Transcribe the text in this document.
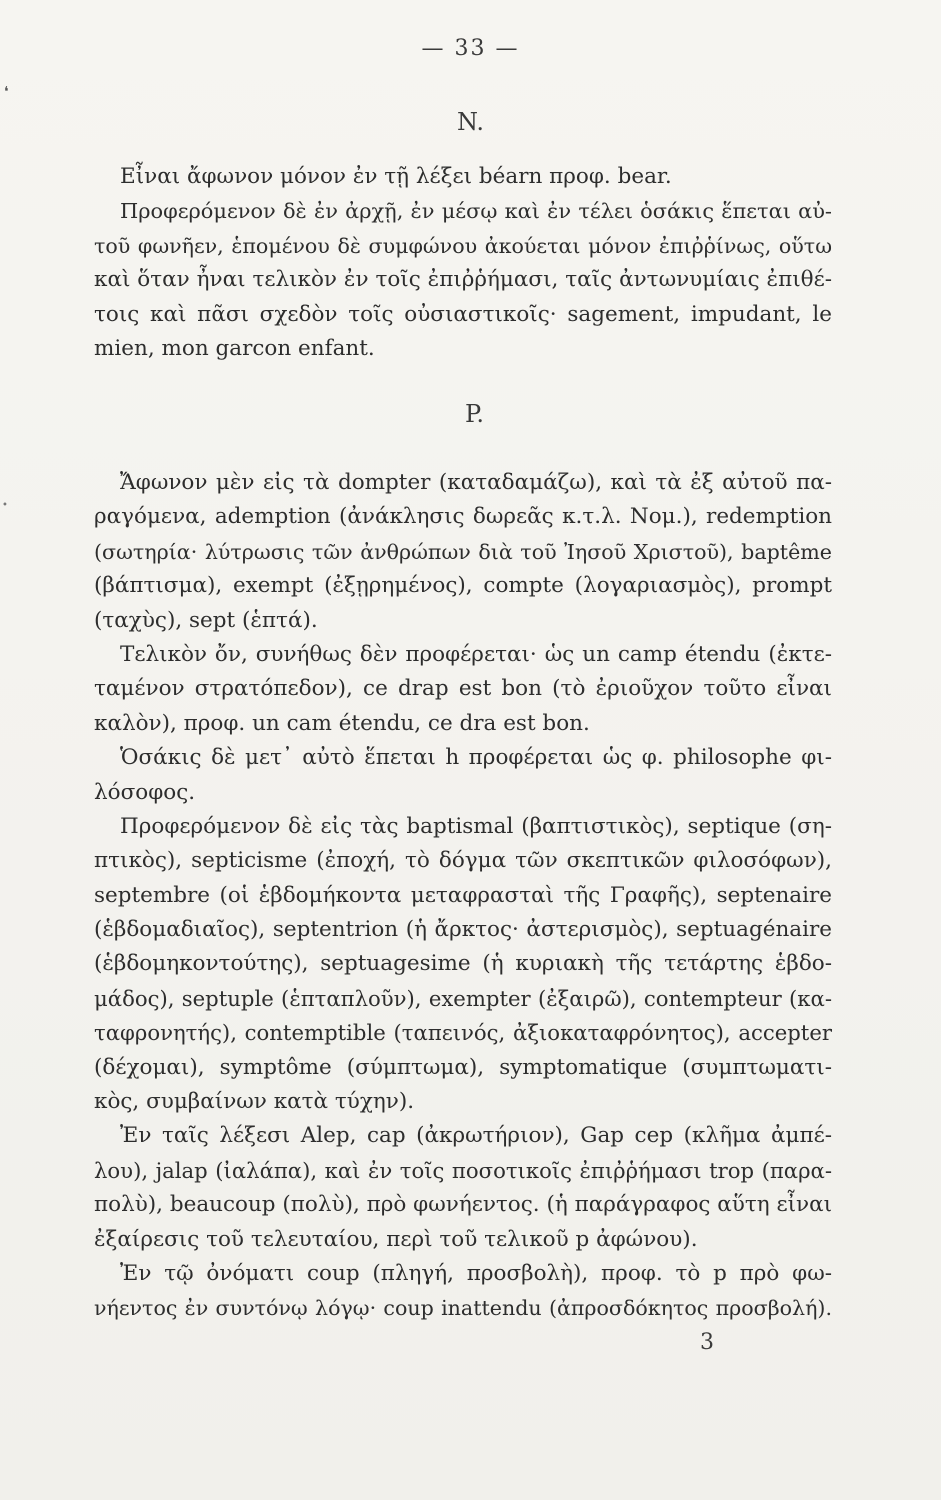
❛
•
— 33 —
N.
Εἶναι ἄφωνον μόνον ἐν τῇ λέξει béarn προφ. bear.
Προφερόμενον δὲ ἐν ἀρχῇ, ἐν μέσῳ καὶ ἐν τέλει ὁσάκις ἕπεται αὐ-
τοῦ φωνῆεν, ἑπομένου δὲ συμφώνου ἀκούεται μόνον ἐπιῤῥίνως, οὕτω
καὶ ὅταν ἦναι τελικὸν ἐν τοῖς ἐπιῤῥήμασι, ταῖς ἀντωνυμίαις ἐπιθέ-
τοις καὶ πᾶσι σχεδὸν τοῖς οὐσιαστικοῖς· sagement, impudant, le
mien, mon garcon enfant.
P.
Ἄφωνον μὲν εἰς τὰ dompter (καταδαμάζω), καὶ τὰ ἐξ αὐτοῦ πα-
ραγόμενα, ademption (ἀνάκλησις δωρεᾶς κ.τ.λ. Νομ.), redemption
(σωτηρία· λύτρωσις τῶν ἀνθρώπων διὰ τοῦ Ἰησοῦ Χριστοῦ), baptême
(βάπτισμα), exempt (ἐξῃρημένος), compte (λογαριασμὸς), prompt
(ταχὺς), sept (ἑπτά).
Τελικὸν ὄν, συνήθως δὲν προφέρεται· ὡς un camp étendu (ἐκτε-
ταμένον στρατόπεδον), ce drap est bon (τὸ ἐριοῦχον τοῦτο εἶναι
καλὸν), προφ. un cam étendu, ce dra est bon.
Ὁσάκις δὲ μετ᾽ αὐτὸ ἕπεται h προφέρεται ὡς φ. philosophe φι-
λόσοφος.
Προφερόμενον δὲ εἰς τὰς baptismal (βαπτιστικὸς), septique (ση-
πτικὸς), septicisme (ἐποχή, τὸ δόγμα τῶν σκεπτικῶν φιλοσόφων),
septembre (οἱ ἑβδομήκοντα μεταφρασταὶ τῆς Γραφῆς), septenaire
(ἑβδομαδιαῖος), septentrion (ἡ ἄρκτος· ἀστερισμὸς), septuagénaire
(ἑβδομηκοντούτης), septuagesime (ἡ κυριακὴ τῆς τετάρτης ἑβδο-
μάδος), septuple (ἑπταπλοῦν), exempter (ἐξαιρῶ), contempteur (κα-
ταφρονητής), contemptible (ταπεινός, ἀξιοκαταφρόνητος), accepter
(δέχομαι), symptôme (σύμπτωμα), symptomatique (συμπτωματι-
κὸς, συμβαίνων κατὰ τύχην).
Ἐν ταῖς λέξεσι Alep, cap (ἀκρωτήριον), Gap cep (κλῆμα ἀμπέ-
λου), jalap (ἰαλάπα), καὶ ἐν τοῖς ποσοτικοῖς ἐπιῤῥήμασι trop (παρα-
πολὺ), beaucoup (πολὺ), πρὸ φωνήεντος. (ἡ παράγραφος αὕτη εἶναι
ἐξαίρεσις τοῦ τελευταίου, περὶ τοῦ τελικοῦ p ἀφώνου).
Ἐν τῷ ὀνόματι coup (πληγή, προσβολὴ), προφ. τὸ p πρὸ φω-
νήεντος ἐν συντόνῳ λόγῳ· coup inattendu (ἀπροσδόκητος προσβολή).
3
